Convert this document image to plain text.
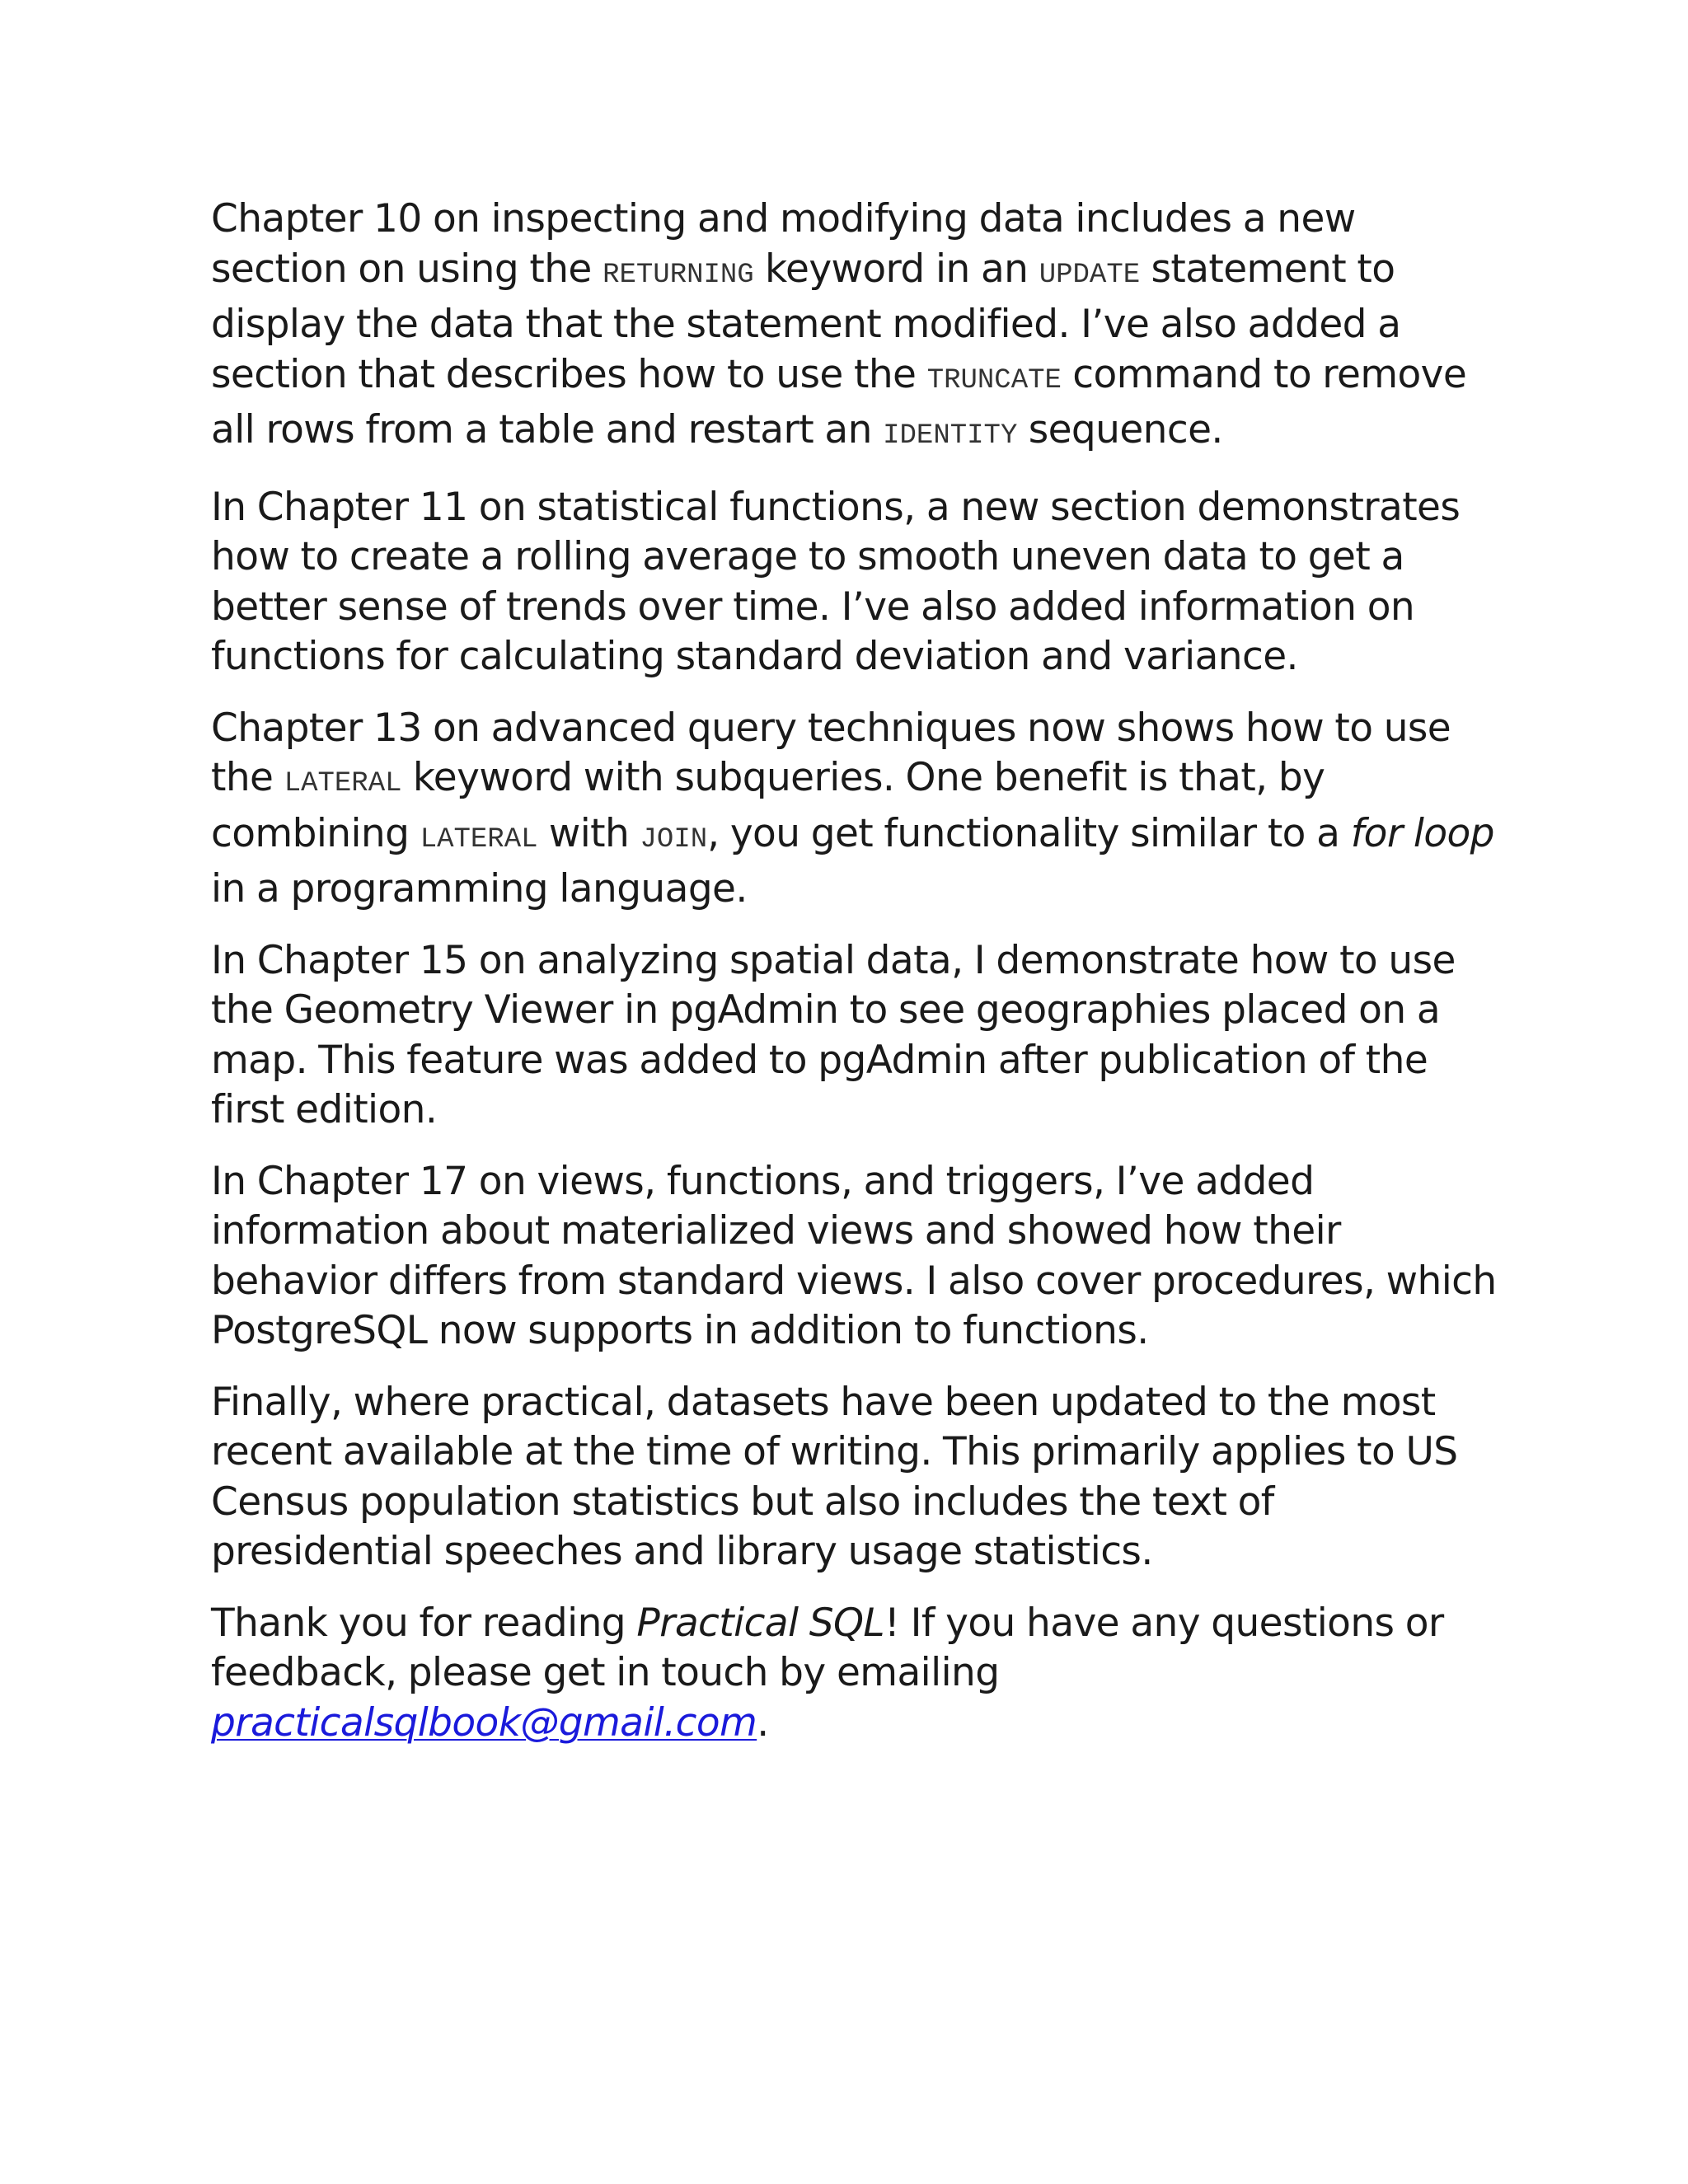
Chapter 10 on inspecting and modifying data includes a new section on using the RETURNING keyword in an UPDATE statement to display the data that the statement modified. I’ve also added a section that describes how to use the TRUNCATE command to remove all rows from a table and restart an IDENTITY sequence.

In Chapter 11 on statistical functions, a new section demonstrates how to create a rolling average to smooth uneven data to get a better sense of trends over time. I’ve also added information on functions for calculating standard deviation and variance.

Chapter 13 on advanced query techniques now shows how to use the LATERAL keyword with subqueries. One benefit is that, by combining LATERAL with JOIN, you get functionality similar to a for loop in a programming language.

In Chapter 15 on analyzing spatial data, I demonstrate how to use the Geometry Viewer in pgAdmin to see geographies placed on a map. This feature was added to pgAdmin after publication of the first edition.

In Chapter 17 on views, functions, and triggers, I’ve added information about materialized views and showed how their behavior differs from standard views. I also cover procedures, which PostgreSQL now supports in addition to functions.

Finally, where practical, datasets have been updated to the most recent available at the time of writing. This primarily applies to US Census population statistics but also includes the text of presidential speeches and library usage statistics.

Thank you for reading Practical SQL! If you have any questions or feedback, please get in touch by emailing practicalsqlbook@gmail.com.
